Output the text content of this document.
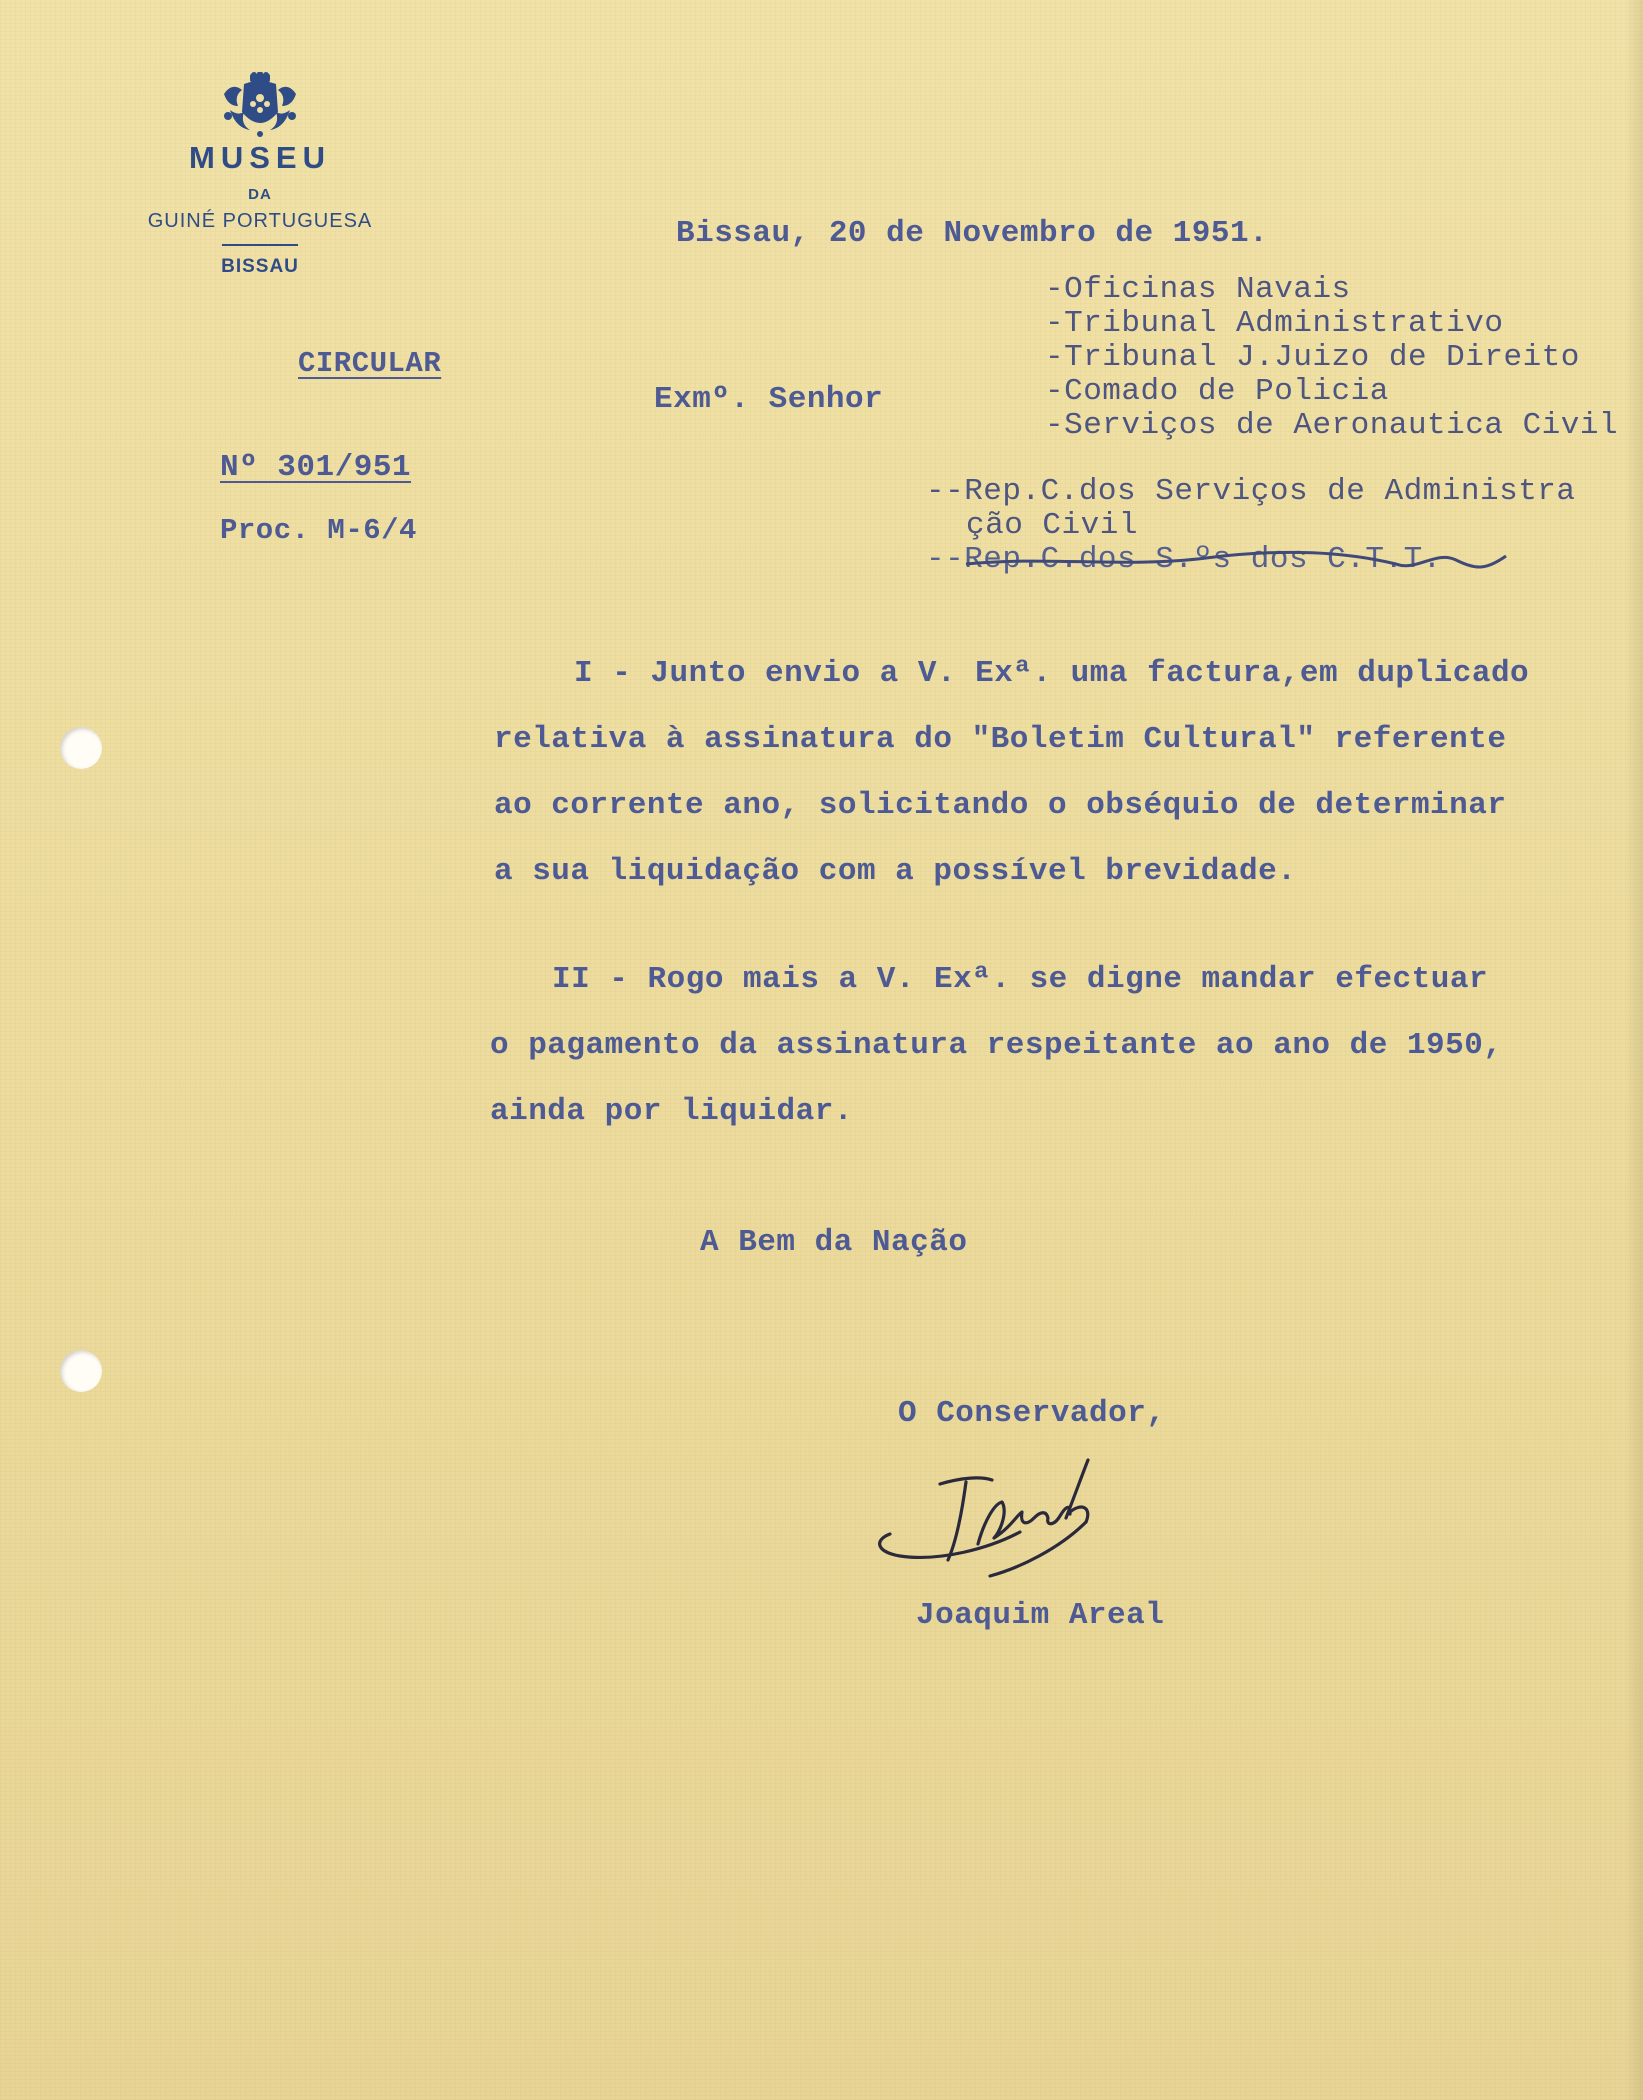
MUSEU
DA
GUINÉ PORTUGUESA
BISSAU
CIRCULAR
Nº 301/951
Proc. M-6/4
Bissau, 20 de Novembro de 1951.
Exmº. Senhor
-Oficinas Navais
-Tribunal Administrativo
-Tribunal J.Juizo de Direito
-Comado de Policia
-Serviços de Aeronautica Civil
--Rep.C.dos Serviços de Administra
ção Civil
--Rep.C.dos S.ºs dos C.T.T.
I - Junto envio a V. Exª. uma factura,em duplicado
relativa à assinatura do "Boletim Cultural" referente
ao corrente ano, solicitando o obséquio de determinar
a sua liquidação com a possível brevidade.
II - Rogo mais a V. Exª. se digne mandar efectuar
o pagamento da assinatura respeitante ao ano de 1950,
ainda por liquidar.
A Bem da Nação
O Conservador,
Joaquim Areal
